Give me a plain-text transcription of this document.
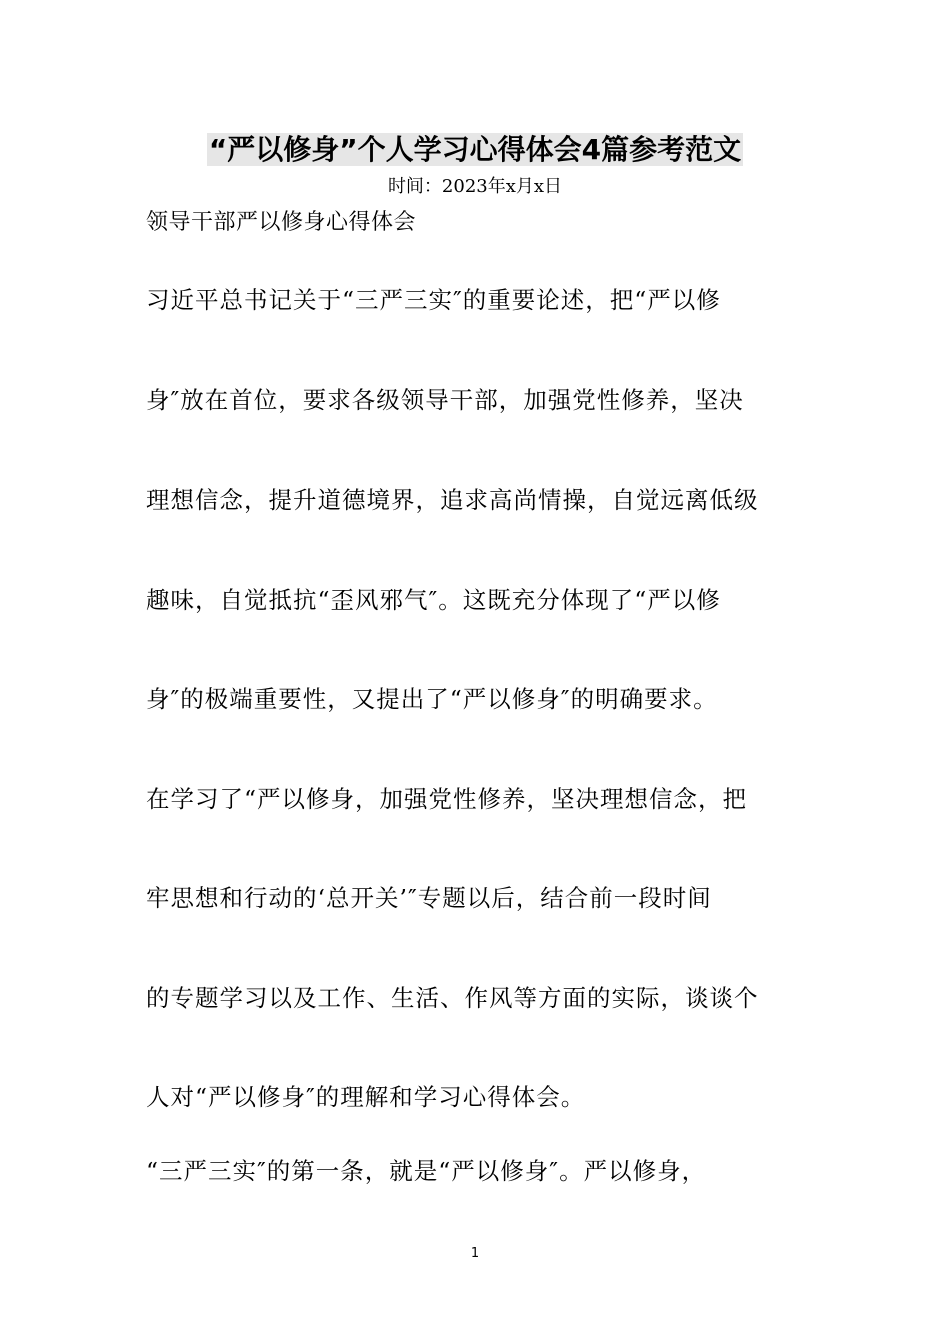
“严以修身”个人学习心得体会4篇参考范文
时间：2023年x月x日
领导干部严以修身心得体会
习近平总书记关于“三严三实″的重要论述，把“严以修
身″放在首位，要求各级领导干部，加强党性修养，坚决
理想信念，提升道德境界，追求高尚情操，自觉远离低级
趣味，自觉抵抗“歪风邪气″。这既充分体现了“严以修
身″的极端重要性，又提出了“严以修身″的明确要求。
在学习了“严以修身，加强党性修养，坚决理想信念，把
牢思想和行动的‘总开关’″专题以后，结合前一段时间
的专题学习以及工作、生活、作风等方面的实际，谈谈个
人对“严以修身″的理解和学习心得体会。
“三严三实″的第一条，就是“严以修身″。严以修身，
1
